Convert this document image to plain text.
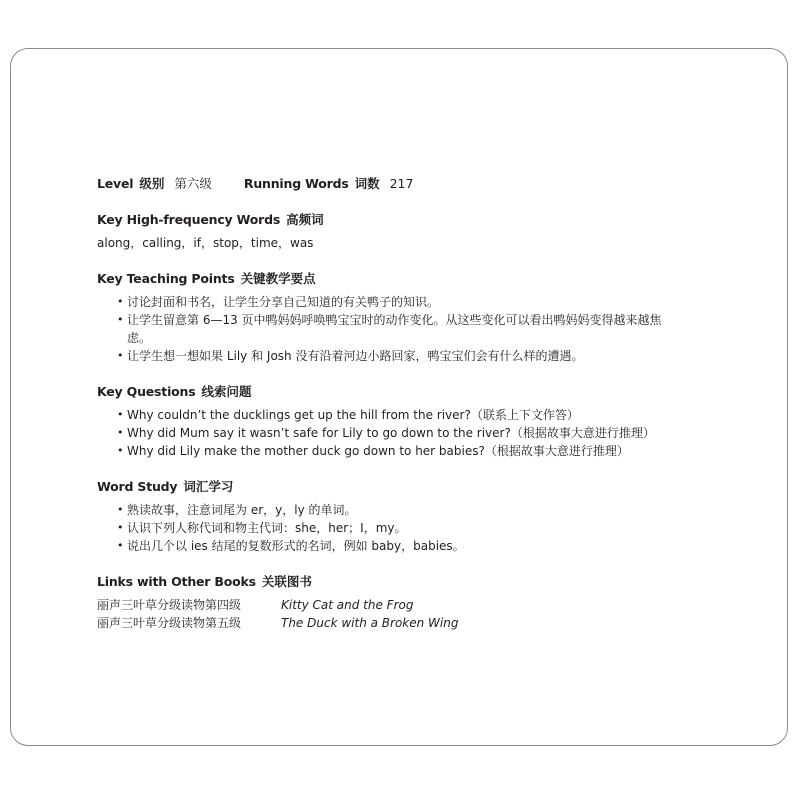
Level 级别 第六级	Running Words 词数 217
Key High-frequency Words 高频词
along，calling，if，stop，time，was
Key Teaching Points 关键教学要点
• 讨论封面和书名，让学生分享自己知道的有关鸭子的知识。
• 让学生留意第 6—13 页中鸭妈妈呼唤鸭宝宝时的动作变化。从这些变化可以看出鸭妈妈变得越来越焦虑。
• 让学生想一想如果 Lily 和 Josh 没有沿着河边小路回家，鸭宝宝们会有什么样的遭遇。
Key Questions 线索问题
• Why couldn’t the ducklings get up the hill from the river?（联系上下文作答）
• Why did Mum say it wasn’t safe for Lily to go down to the river?（根据故事大意进行推理）
• Why did Lily make the mother duck go down to her babies?（根据故事大意进行推理）
Word Study 词汇学习
• 熟读故事，注意词尾为 er，y，ly 的单词。
• 认识下列人称代词和物主代词：she，her；I，my。
• 说出几个以 ies 结尾的复数形式的名词，例如 baby，babies。
Links with Other Books 关联图书
丽声三叶草分级读物第四级	Kitty Cat and the Frog
丽声三叶草分级读物第五级	The Duck with a Broken Wing
